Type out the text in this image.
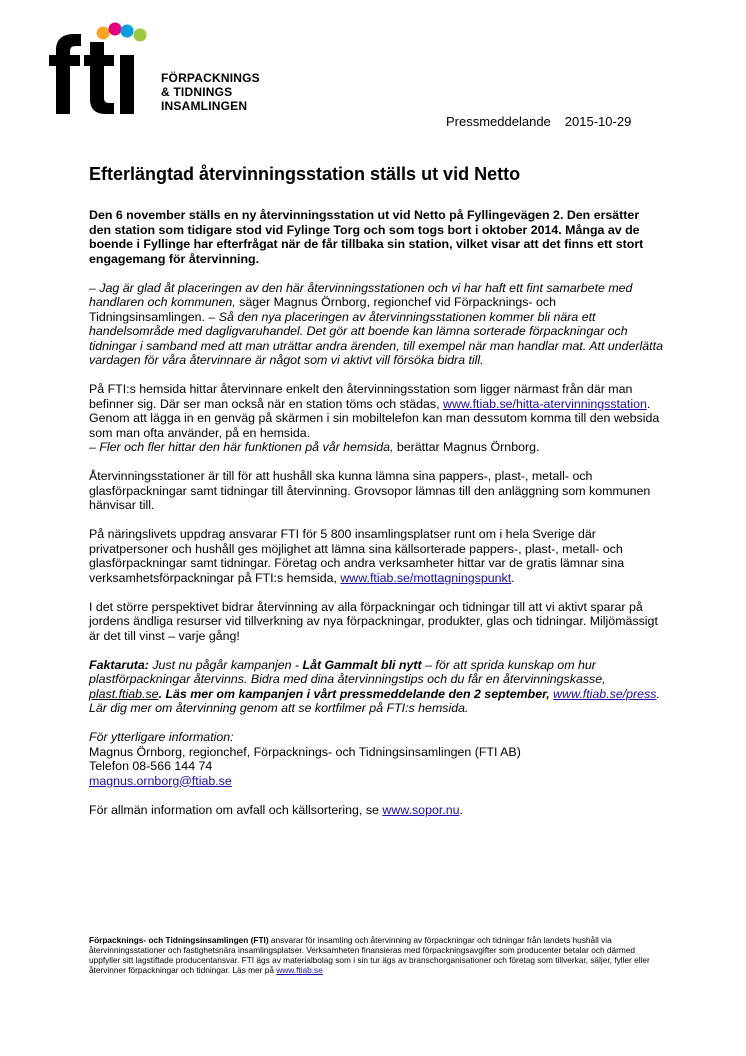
FÖRPACKNINGS
& TIDNINGS
INSAMLINGEN
Pressmeddelande 2015-10-29
Efterlängtad återvinningsstation ställs ut vid Netto

Den 6 november ställs en ny återvinningsstation ut vid Netto på Fyllingevägen 2. Den ersätter den station som tidigare stod vid Fylinge Torg och som togs bort i oktober 2014. Många av de boende i Fyllinge har efterfrågat när de får tillbaka sin station, vilket visar att det finns ett stort engagemang för återvinning.

– Jag är glad åt placeringen av den här återvinningsstationen och vi har haft ett fint samarbete med handlaren och kommunen, säger Magnus Örnborg, regionchef vid Förpacknings- och Tidningsinsamlingen. – Så den nya placeringen av återvinningsstationen kommer bli nära ett handelsområde med dagligvaruhandel. Det gör att boende kan lämna sorterade förpackningar och tidningar i samband med att man uträttar andra ärenden, till exempel när man handlar mat. Att underlätta vardagen för våra återvinnare är något som vi aktivt vill försöka bidra till.

På FTI:s hemsida hittar återvinnare enkelt den återvinningsstation som ligger närmast från där man befinner sig. Där ser man också när en station töms och städas, www.ftiab.se/hitta-atervinningsstation. Genom att lägga in en genväg på skärmen i sin mobiltelefon kan man dessutom komma till den websida som man ofta använder, på en hemsida.
– Fler och fler hittar den här funktionen på vår hemsida, berättar Magnus Örnborg.

Återvinningsstationer är till för att hushåll ska kunna lämna sina pappers-, plast-, metall- och glasförpackningar samt tidningar till återvinning. Grovsopor lämnas till den anläggning som kommunen hänvisar till.

På näringslivets uppdrag ansvarar FTI för 5 800 insamlingsplatser runt om i hela Sverige där privatpersoner och hushåll ges möjlighet att lämna sina källsorterade pappers-, plast-, metall- och glasförpackningar samt tidningar. Företag och andra verksamheter hittar var de gratis lämnar sina verksamhetsförpackningar på FTI:s hemsida, www.ftiab.se/mottagningspunkt.

I det större perspektivet bidrar återvinning av alla förpackningar och tidningar till att vi aktivt sparar på jordens ändliga resurser vid tillverkning av nya förpackningar, produkter, glas och tidningar. Miljömässigt är det till vinst – varje gång!

Faktaruta: Just nu pågår kampanjen - Låt Gammalt bli nytt – för att sprida kunskap om hur plastförpackningar återvinns. Bidra med dina återvinningstips och du får en återvinningskasse, plast.ftiab.se. Läs mer om kampanjen i vårt pressmeddelande den 2 september, www.ftiab.se/press. Lär dig mer om återvinning genom att se kortfilmer på FTI:s hemsida.

För ytterligare information:
Magnus Örnborg, regionchef, Förpacknings- och Tidningsinsamlingen (FTI AB)
Telefon 08-566 144 74
magnus.ornborg@ftiab.se

För allmän information om avfall och källsortering, se www.sopor.nu.

Förpacknings- och Tidningsinsamlingen (FTI) ansvarar för insamling och återvinning av förpackningar och tidningar från landets hushåll via återvinningsstationer och fastighetsnära insamlingsplatser. Verksamheten finansieras med förpackningsavgifter som producenter betalar och därmed uppfyller sitt lagstiftade producentansvar. FTI ägs av materialbolag som i sin tur ägs av branschorganisationer och företag som tillverkar, säljer, fyller eller återvinner förpackningar och tidningar. Läs mer på www.ftiab.se
